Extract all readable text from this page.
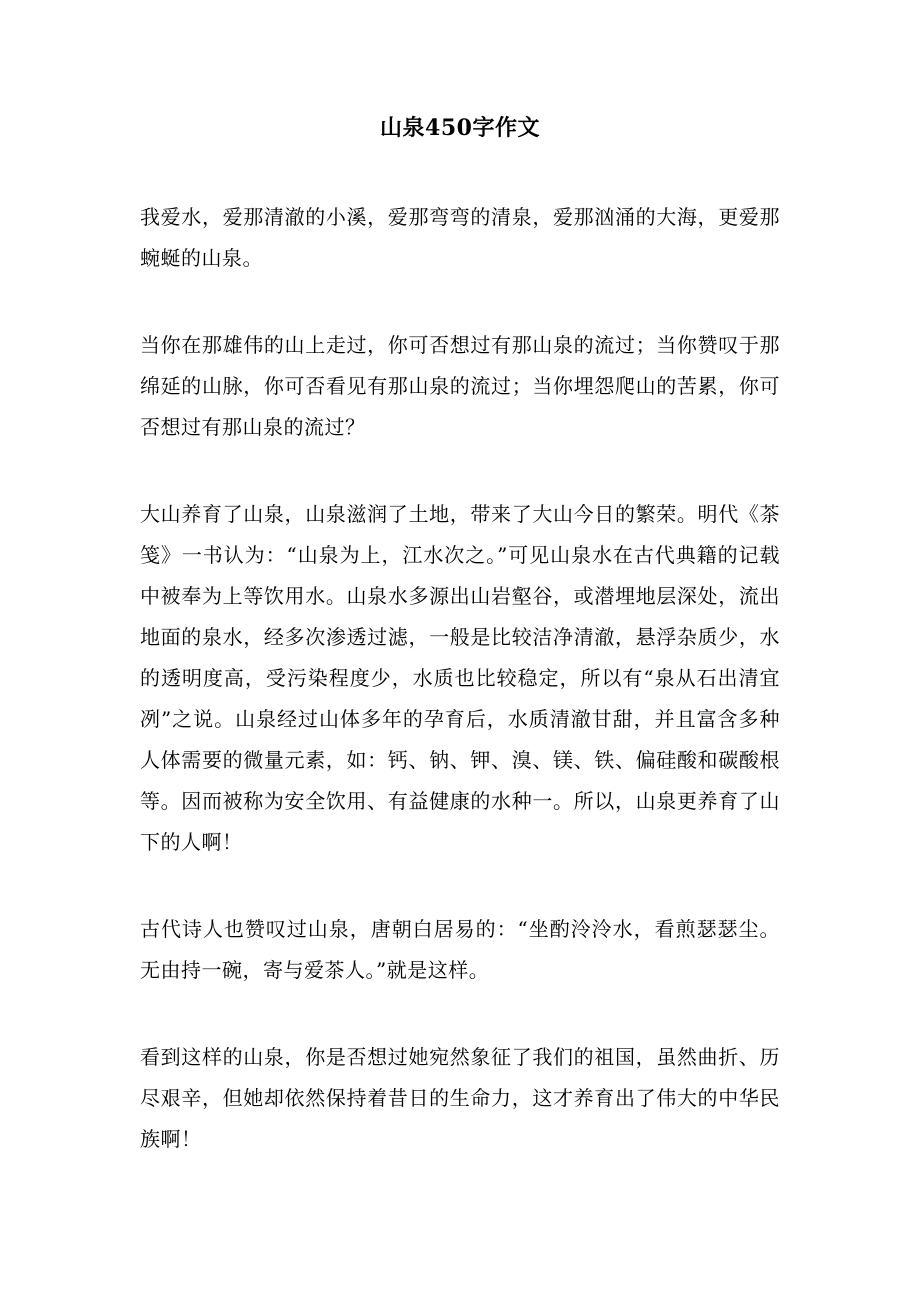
山泉450字作文

我爱水，爱那清澈的小溪，爱那弯弯的清泉，爱那汹涌的大海，更爱那蜿蜒的山泉。

当你在那雄伟的山上走过，你可否想过有那山泉的流过；当你赞叹于那绵延的山脉，你可否看见有那山泉的流过；当你埋怨爬山的苦累，你可否想过有那山泉的流过？

大山养育了山泉，山泉滋润了土地，带来了大山今日的繁荣。明代《茶笺》一书认为：“山泉为上，江水次之。”可见山泉水在古代典籍的记载中被奉为上等饮用水。山泉水多源出山岩壑谷，或潜埋地层深处，流出地面的泉水，经多次渗透过滤，一般是比较洁净清澈，悬浮杂质少，水的透明度高，受污染程度少，水质也比较稳定，所以有“泉从石出清宜冽”之说。山泉经过山体多年的孕育后，水质清澈甘甜，并且富含多种人体需要的微量元素，如：钙、钠、钾、溴、镁、铁、偏硅酸和碳酸根等。因而被称为安全饮用、有益健康的水种一。所以，山泉更养育了山下的人啊！

古代诗人也赞叹过山泉，唐朝白居易的：“坐酌泠泠水，看煎瑟瑟尘。无由持一碗，寄与爱茶人。”就是这样。

看到这样的山泉，你是否想过她宛然象征了我们的祖国，虽然曲折、历尽艰辛，但她却依然保持着昔日的生命力，这才养育出了伟大的中华民族啊！
